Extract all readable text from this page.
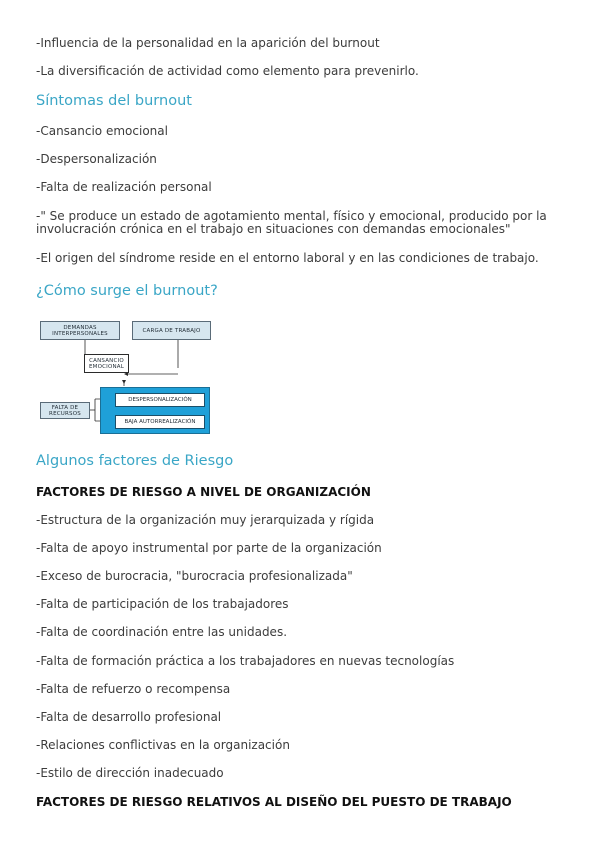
-Influencia de la personalidad en la aparición del burnout
-La diversificación de actividad como elemento para prevenirlo.
Síntomas del burnout
-Cansancio emocional
-Despersonalización
-Falta de realización personal
-" Se produce un estado de agotamiento mental, físico y emocional, producido por la involucración crónica en el trabajo en situaciones con demandas emocionales"
-El origen del síndrome reside en el entorno laboral y en las condiciones de trabajo.
¿Cómo surge el burnout?
DEMANDAS INTERPERSONALES	CARGA DE TRABAJO
CANSANCIO EMOCIONAL
FALTA DE RECURSOS
DESPERSONALIZACIÓN
BAJA AUTORREALIZACIÓN
Algunos factores de Riesgo
FACTORES DE RIESGO A NIVEL DE ORGANIZACIÓN
-Estructura de la organización muy jerarquizada y rígida
-Falta de apoyo instrumental por parte de la organización
-Exceso de burocracia, "burocracia profesionalizada"
-Falta de participación de los trabajadores
-Falta de coordinación entre las unidades.
-Falta de formación práctica a los trabajadores en nuevas tecnologías
-Falta de refuerzo o recompensa
-Falta de desarrollo profesional
-Relaciones conflictivas en la organización
-Estilo de dirección inadecuado
FACTORES DE RIESGO RELATIVOS AL DISEÑO DEL PUESTO DE TRABAJO
